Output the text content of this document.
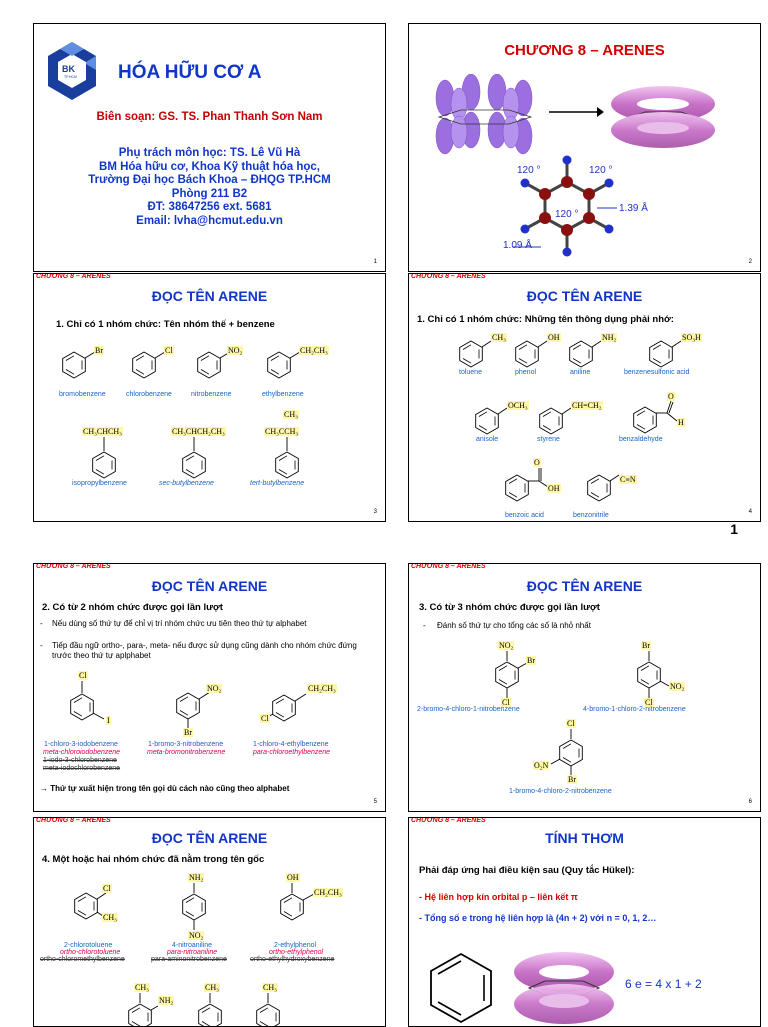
BK
TP.HCM HÓA HỮU CƠ A
Biên soạn: GS. TS. Phan Thanh Sơn Nam
Phụ trách môn học: TS. Lê Vũ Hà
BM Hóa hữu cơ, Khoa Kỹ thuật hóa học,
Trường Đại học Bách Khoa – ĐHQG TP.HCM
Phòng 211 B2
ĐT: 38647256 ext. 5681
Email: lvha@hcmut.edu.vn
1
CHƯƠNG 8 – ARENES
120 °	120 °
120 °
1.39 Å
1.09 Å
2
CHƯƠNG 8 – ARENES
ĐỌC TÊN ARENE
1. Chỉ có 1 nhóm chức: Tên nhóm thế + benzene
Br	Cl	NO₂	CH₂CH₃
bromobenzene	chlorobenzene	nitrobenzene	ethylbenzene
CH₃CHCH₃	CH₃CHCH₂CH₃
CH₃
CH₃CCH₃
isopropylbenzene	sec-butylbenzene	tert-butylbenzene
3
CHƯƠNG 8 – ARENES
ĐỌC TÊN ARENE
1. Chỉ có 1 nhóm chức: Những tên thông dụng phải nhớ:
CH₃	OH	NH₂	SO₃H
toluene	phenol	aniline	benzenesulfonic acid
OCH₃	CH=CH₂
O
H
anisole	styrene	benzaldehyde
O
OH
C≡N
benzoic acid	benzonitrile	4
1
CHƯƠNG 8 – ARENES
ĐỌC TÊN ARENE
2. Có từ 2 nhóm chức được gọi lần lượt
- Nếu dùng số thứ tự để chỉ vị trí nhóm chức ưu tiên theo thứ tự alphabet
- Tiếp đầu ngữ ortho-, para-, meta- nếu được sử dụng cũng dành cho nhóm chức đứng trước theo thứ tự aplphabet
Cl
I
NO₂
Br
CH₂CH₃
Cl
1-chloro-3-iodobenzene
meta-chloroiodobenzene
1-iodo-3-chlorobenzene
meta-iodochlorobenzene
1-bromo-3-nitrobenzene
meta-bromonitrobenzene
1-chloro-4-ethylbenzene
para-chloroethylbenzene
→ Thứ tự xuất hiện trong tên gọi dù cách nào cũng theo alphabet
5
CHƯƠNG 8 – ARENES
ĐỌC TÊN ARENE
3. Có từ 3 nhóm chức được gọi lần lượt
- Đánh số thứ tự cho tổng các số là nhỏ nhất
NO₂
Br
Cl
Br
NO₂
Cl
2-bromo-4-chloro-1-nitrobenzene	4-bromo-1-chloro-2-nitrobenzene
Cl
O₂N
Br
1-bromo-4-chloro-2-nitrobenzene
6
CHƯƠNG 8 – ARENES
ĐỌC TÊN ARENE
4. Một hoặc hai nhóm chức đã nằm trong tên gốc
Cl
CH₃
NH₂
NO₂
OH
CH₂CH₃
2-chlorotoluene
ortho-chlorotoluene
ortho-chloromethylbenzene
4-nitroaniline
para-nitroaniline
para-aminonitrobenzene
2-ethylphenol
ortho-ethylphenol
ortho-ethylhydroxybenzene
CH₃
NH₂
CH₃	CH₃
CHƯƠNG 8 – ARENES
TÍNH THƠM
Phải đáp ứng hai điều kiện sau (Quy tắc Hükel):
- Hệ liên hợp kín orbital p – liên kết π
- Tổng số e trong hệ liên hợp là (4n + 2) với n = 0, 1, 2…
6 e = 4 x 1 + 2
